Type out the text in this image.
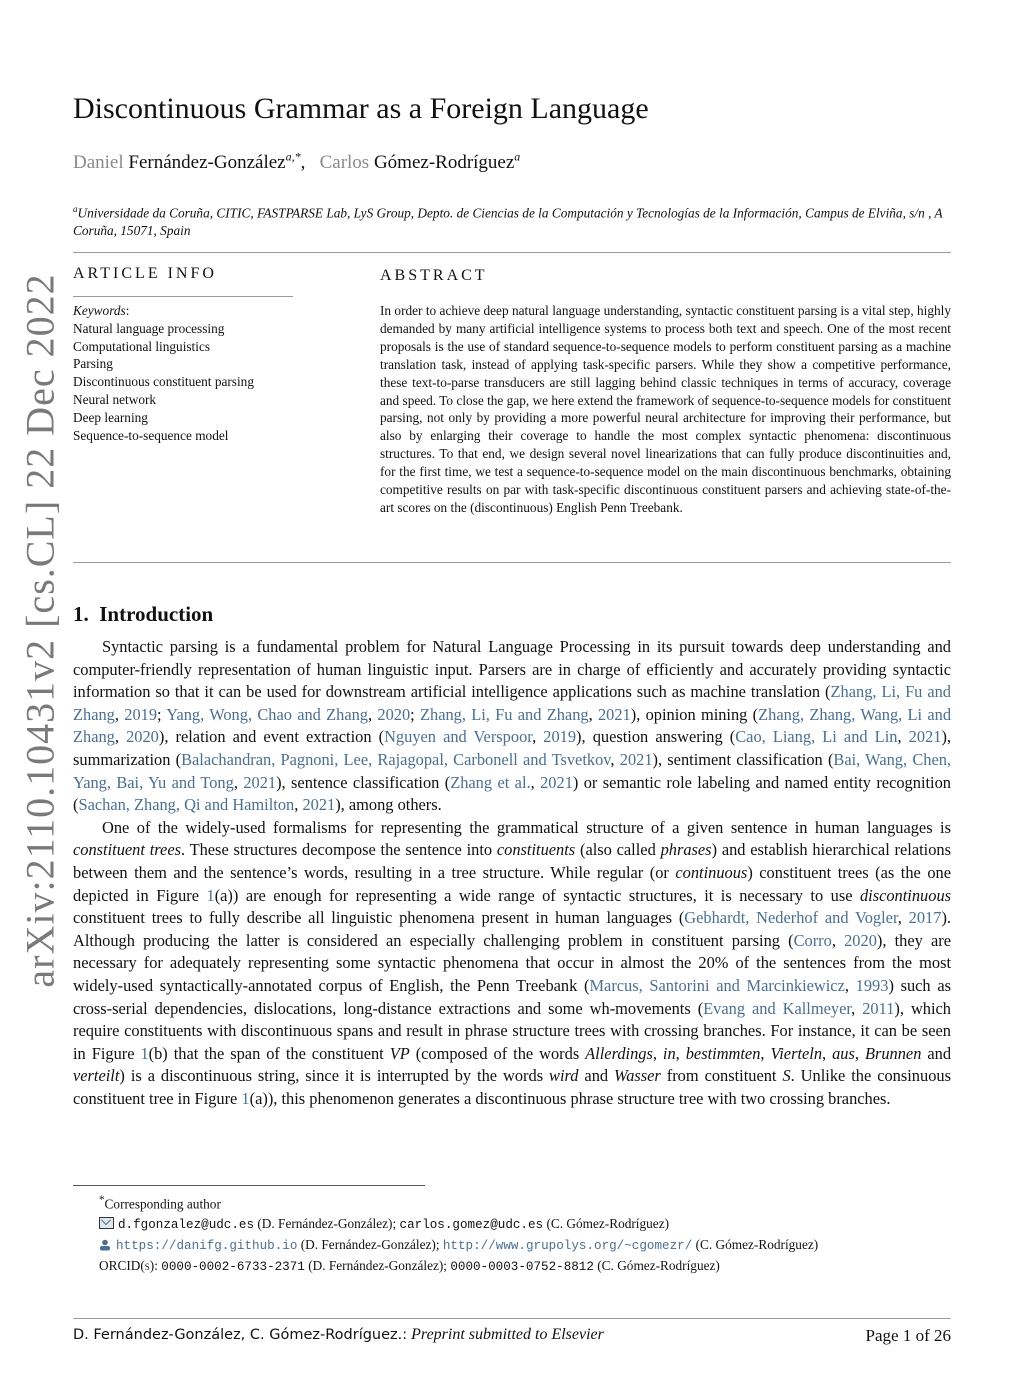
arXiv:2110.10431v2 [cs.CL] 22 Dec 2022
Discontinuous Grammar as a Foreign Language
Daniel Fernández-González$^{a,*}$,   Carlos Gómez-Rodríguez$^a$
$^a$Universidade da Coruña, CITIC, FASTPARSE Lab, LyS Group, Depto. de Ciencias de la Computación y Tecnologías de la Información, Campus de Elviña, s/n , A Coruña, 15071, Spain
ARTICLE INFO	ABSTRACT
Keywords:
Natural language processing
Computational linguistics
Parsing
Discontinuous constituent parsing
Neural network
Deep learning
Sequence-to-sequence model
In order to achieve deep natural language understanding, syntactic constituent parsing is a vital step, highly demanded by many artificial intelligence systems to process both text and speech. One of the most recent proposals is the use of standard sequence-to-sequence models to perform constituent parsing as a machine translation task, instead of applying task-specific parsers. While they show a competitive performance, these text-to-parse transducers are still lagging behind classic techniques in terms of accuracy, coverage and speed. To close the gap, we here extend the framework of sequence-to-sequence models for constituent parsing, not only by providing a more powerful neural architecture for improving their performance, but also by enlarging their coverage to handle the most complex syntactic phenomena: discontinuous structures. To that end, we design several novel linearizations that can fully produce discontinuities and, for the first time, we test a sequence-to-sequence model on the main discontinuous benchmarks, obtaining competitive results on par with task-specific discontinuous constituent parsers and achieving state-of-the-art scores on the (discontinuous) English Penn Treebank.
1. Introduction

Syntactic parsing is a fundamental problem for Natural Language Processing in its pursuit towards deep understanding and computer-friendly representation of human linguistic input. Parsers are in charge of efficiently and accurately providing syntactic information so that it can be used for downstream artificial intelligence applications such as machine translation (Zhang, Li, Fu and Zhang, 2019; Yang, Wong, Chao and Zhang, 2020; Zhang, Li, Fu and Zhang, 2021), opinion mining (Zhang, Zhang, Wang, Li and Zhang, 2020), relation and event extraction (Nguyen and Verspoor, 2019), question answering (Cao, Liang, Li and Lin, 2021), summarization (Balachandran, Pagnoni, Lee, Rajagopal, Carbonell and Tsvetkov, 2021), sentiment classification (Bai, Wang, Chen, Yang, Bai, Yu and Tong, 2021), sentence classification (Zhang et al., 2021) or semantic role labeling and named entity recognition (Sachan, Zhang, Qi and Hamilton, 2021), among others.

One of the widely-used formalisms for representing the grammatical structure of a given sentence in human languages is constituent trees. These structures decompose the sentence into constituents (also called phrases) and establish hierarchical relations between them and the sentence’s words, resulting in a tree structure. While regular (or continuous) constituent trees (as the one depicted in Figure 1(a)) are enough for representing a wide range of syntactic structures, it is necessary to use discontinuous constituent trees to fully describe all linguistic phenomena present in human languages (Gebhardt, Nederhof and Vogler, 2017). Although producing the latter is considered an especially challenging problem in constituent parsing (Corro, 2020), they are necessary for adequately representing some syntactic phenomena that occur in almost the 20% of the sentences from the most widely-used syntactically-annotated corpus of English, the Penn Treebank (Marcus, Santorini and Marcinkiewicz, 1993) such as cross-serial dependencies, dislocations, long-distance extractions and some wh-movements (Evang and Kallmeyer, 2011), which require constituents with discontinuous spans and result in phrase structure trees with crossing branches. For instance, it can be seen in Figure 1(b) that the span of the constituent VP (composed of the words Allerdings, in, bestimmten, Vierteln, aus, Brunnen and verteilt) is a discontinuous string, since it is interrupted by the words wird and Wasser from constituent S. Unlike the consinuous constituent tree in Figure 1(a)), this phenomenon generates a discontinuous phrase structure tree with two crossing branches.

*Corresponding author
d.fgonzalez@udc.es (D. Fernández-González); carlos.gomez@udc.es (C. Gómez-Rodríguez)
https://danifg.github.io (D. Fernández-González); http://www.grupolys.org/~cgomezr/ (C. Gómez-Rodríguez)
ORCID(s): 0000-0002-6733-2371 (D. Fernández-González); 0000-0003-0752-8812 (C. Gómez-Rodríguez)
D. Fernández-González, C. Gómez-Rodríguez.: Preprint submitted to Elsevier	Page 1 of 26
